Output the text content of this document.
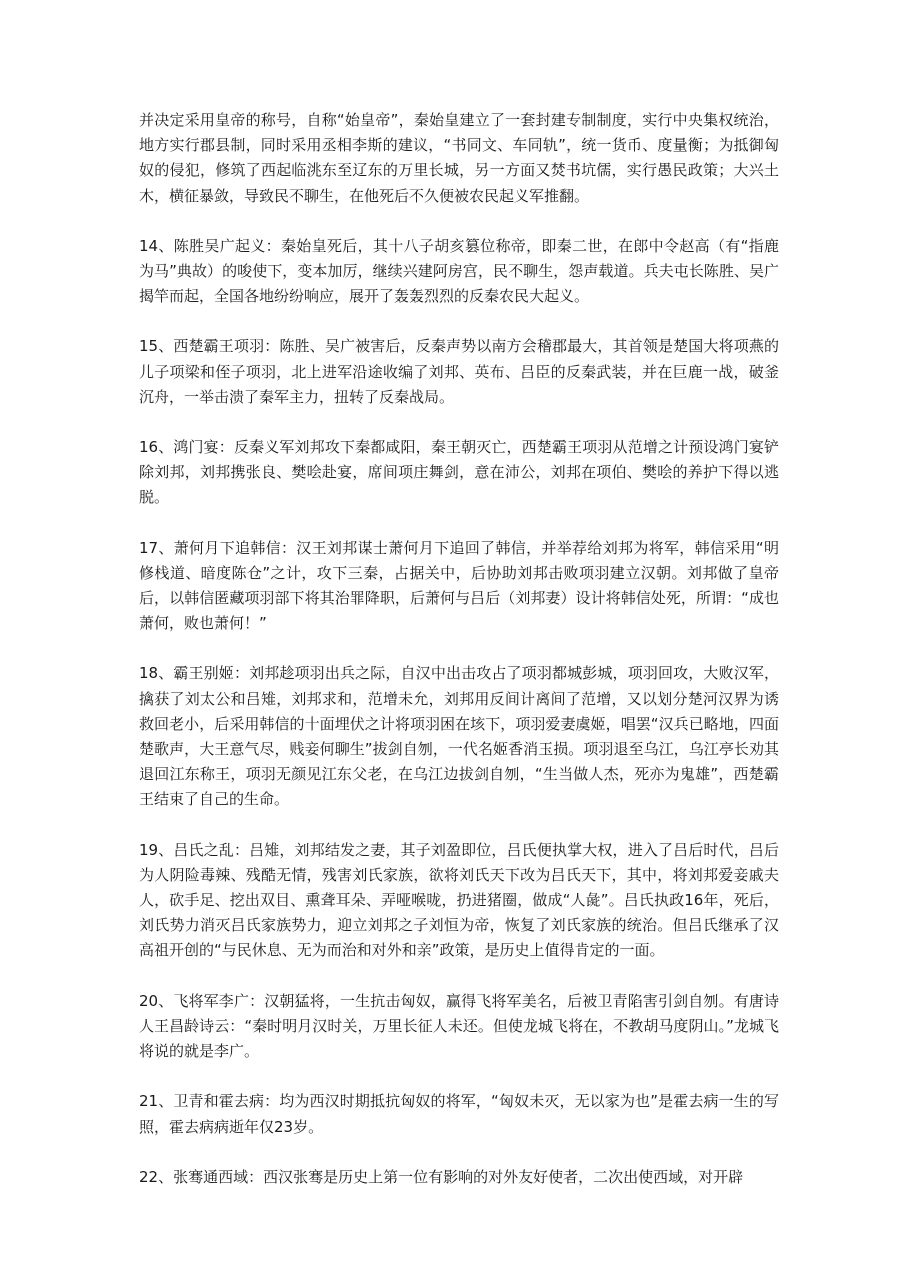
并决定采用皇帝的称号，自称“始皇帝”，秦始皇建立了一套封建专制制度，实行中央集权统治，地方实行郡县制，同时采用丞相李斯的建议，“书同文、车同轨”，统一货币、度量衡；为抵御匈奴的侵犯，修筑了西起临洮东至辽东的万里长城，另一方面又焚书坑儒，实行愚民政策；大兴土木，横征暴敛，导致民不聊生，在他死后不久便被农民起义军推翻。

14、陈胜吴广起义：秦始皇死后，其十八子胡亥篡位称帝，即秦二世，在郎中令赵高（有“指鹿为马”典故）的唆使下，变本加厉，继续兴建阿房宫，民不聊生，怨声载道。兵夫屯长陈胜、吴广揭竿而起，全国各地纷纷响应，展开了轰轰烈烈的反秦农民大起义。

15、西楚霸王项羽：陈胜、吴广被害后，反秦声势以南方会稽郡最大，其首领是楚国大将项燕的儿子项梁和侄子项羽，北上进军沿途收编了刘邦、英布、吕臣的反秦武装，并在巨鹿一战，破釜沉舟，一举击溃了秦军主力，扭转了反秦战局。

16、鸿门宴：反秦义军刘邦攻下秦都咸阳，秦王朝灭亡，西楚霸王项羽从范增之计预设鸿门宴铲除刘邦，刘邦携张良、樊哙赴宴，席间项庄舞剑，意在沛公，刘邦在项伯、樊哙的养护下得以逃脱。

17、萧何月下追韩信：汉王刘邦谋士萧何月下追回了韩信，并举荐给刘邦为将军，韩信采用“明修栈道、暗度陈仓”之计，攻下三秦，占据关中，后协助刘邦击败项羽建立汉朝。刘邦做了皇帝后，以韩信匿藏项羽部下将其治罪降职，后萧何与吕后（刘邦妻）设计将韩信处死，所谓：“成也萧何，败也萧何！”

18、霸王别姬：刘邦趁项羽出兵之际，自汉中出击攻占了项羽都城彭城，项羽回攻，大败汉军，擒获了刘太公和吕雉，刘邦求和，范增未允，刘邦用反间计离间了范增，又以划分楚河汉界为诱救回老小，后采用韩信的十面埋伏之计将项羽困在垓下，项羽爱妻虞姬，唱罢“汉兵已略地，四面楚歌声，大王意气尽，贱妾何聊生”拔剑自刎，一代名姬香消玉损。项羽退至乌江，乌江亭长劝其退回江东称王，项羽无颜见江东父老，在乌江边拔剑自刎，“生当做人杰，死亦为鬼雄”，西楚霸王结束了自己的生命。

19、吕氏之乱：吕雉，刘邦结发之妻，其子刘盈即位，吕氏便执掌大权，进入了吕后时代，吕后为人阴险毒辣、残酷无情，残害刘氏家族，欲将刘氏天下改为吕氏天下，其中，将刘邦爱妾戚夫人，砍手足、挖出双目、熏聋耳朵、弄哑喉咙，扔进猪圈，做成“人彘”。吕氏执政16年，死后，刘氏势力消灭吕氏家族势力，迎立刘邦之子刘恒为帝，恢复了刘氏家族的统治。但吕氏继承了汉高祖开创的“与民休息、无为而治和对外和亲”政策，是历史上值得肯定的一面。

20、飞将军李广：汉朝猛将，一生抗击匈奴，赢得飞将军美名，后被卫青陷害引剑自刎。有唐诗人王昌龄诗云：“秦时明月汉时关，万里长征人未还。但使龙城飞将在，不教胡马度阴山。”龙城飞将说的就是李广。

21、卫青和霍去病：均为西汉时期抵抗匈奴的将军，“匈奴未灭，无以家为也”是霍去病一生的写照，霍去病病逝年仅23岁。

22、张骞通西域：西汉张骞是历史上第一位有影响的对外友好使者，二次出使西域，对开辟
